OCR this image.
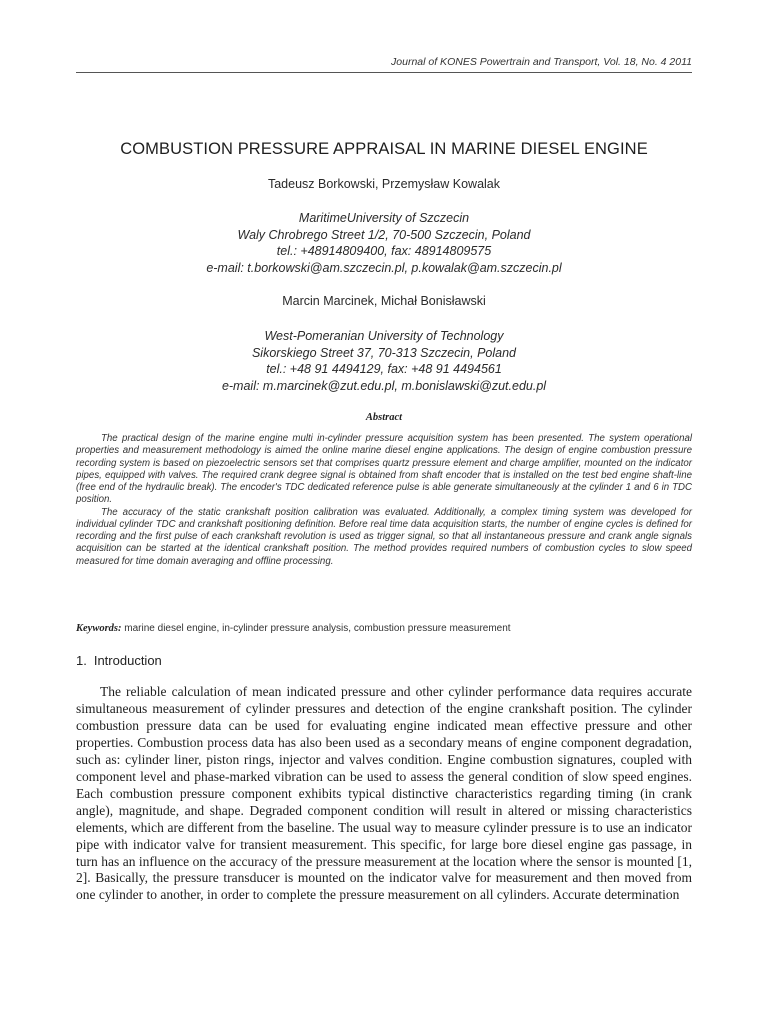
Journal of KONES Powertrain and Transport, Vol. 18, No. 4 2011
COMBUSTION PRESSURE APPRAISAL IN MARINE DIESEL ENGINE
Tadeusz Borkowski, Przemysław Kowalak
MaritimeUniversity of Szczecin
Waly Chrobrego Street 1/2, 70-500 Szczecin, Poland
tel.: +48914809400, fax: 48914809575
e-mail: t.borkowski@am.szczecin.pl, p.kowalak@am.szczecin.pl
Marcin Marcinek, Michał Bonisławski
West-Pomeranian University of Technology
Sikorskiego Street 37, 70-313 Szczecin, Poland
tel.: +48 91 4494129, fax: +48 91 4494561
e-mail: m.marcinek@zut.edu.pl, m.bonislawski@zut.edu.pl
Abstract

The practical design of the marine engine multi in-cylinder pressure acquisition system has been presented. The system operational properties and measurement methodology is aimed the online marine diesel engine applications. The design of engine combustion pressure recording system is based on piezoelectric sensors set that comprises quartz pressure element and charge amplifier, mounted on the indicator pipes, equipped with valves. The required crank degree signal is obtained from shaft encoder that is installed on the test bed engine shaft-line (free end of the hydraulic break). The encoder's TDC dedicated reference pulse is able generate simultaneously at the cylinder 1 and 6 in TDC position.

The accuracy of the static crankshaft position calibration was evaluated. Additionally, a complex timing system was developed for individual cylinder TDC and crankshaft positioning definition. Before real time data acquisition starts, the number of engine cycles is defined for recording and the first pulse of each crankshaft revolution is used as trigger signal, so that all instantaneous pressure and crank angle signals acquisition can be started at the identical crankshaft position. The method provides required numbers of combustion cycles to slow speed measured for time domain averaging and offline processing.

Keywords: marine diesel engine, in-cylinder pressure analysis, combustion pressure measurement
1. Introduction

The reliable calculation of mean indicated pressure and other cylinder performance data requires accurate simultaneous measurement of cylinder pressures and detection of the engine crankshaft position. The cylinder combustion pressure data can be used for evaluating engine indicated mean effective pressure and other properties. Combustion process data has also been used as a secondary means of engine component degradation, such as: cylinder liner, piston rings, injector and valves condition. Engine combustion signatures, coupled with component level and phase-marked vibration can be used to assess the general condition of slow speed engines. Each combustion pressure component exhibits typical distinctive characteristics regarding timing (in crank angle), magnitude, and shape. Degraded component condition will result in altered or missing characteristics elements, which are different from the baseline. The usual way to measure cylinder pressure is to use an indicator pipe with indicator valve for transient measurement. This specific, for large bore diesel engine gas passage, in turn has an influence on the accuracy of the pressure measurement at the location where the sensor is mounted [1, 2]. Basically, the pressure transducer is mounted on the indicator valve for measurement and then moved from one cylinder to another, in order to complete the pressure measurement on all cylinders. Accurate determination
